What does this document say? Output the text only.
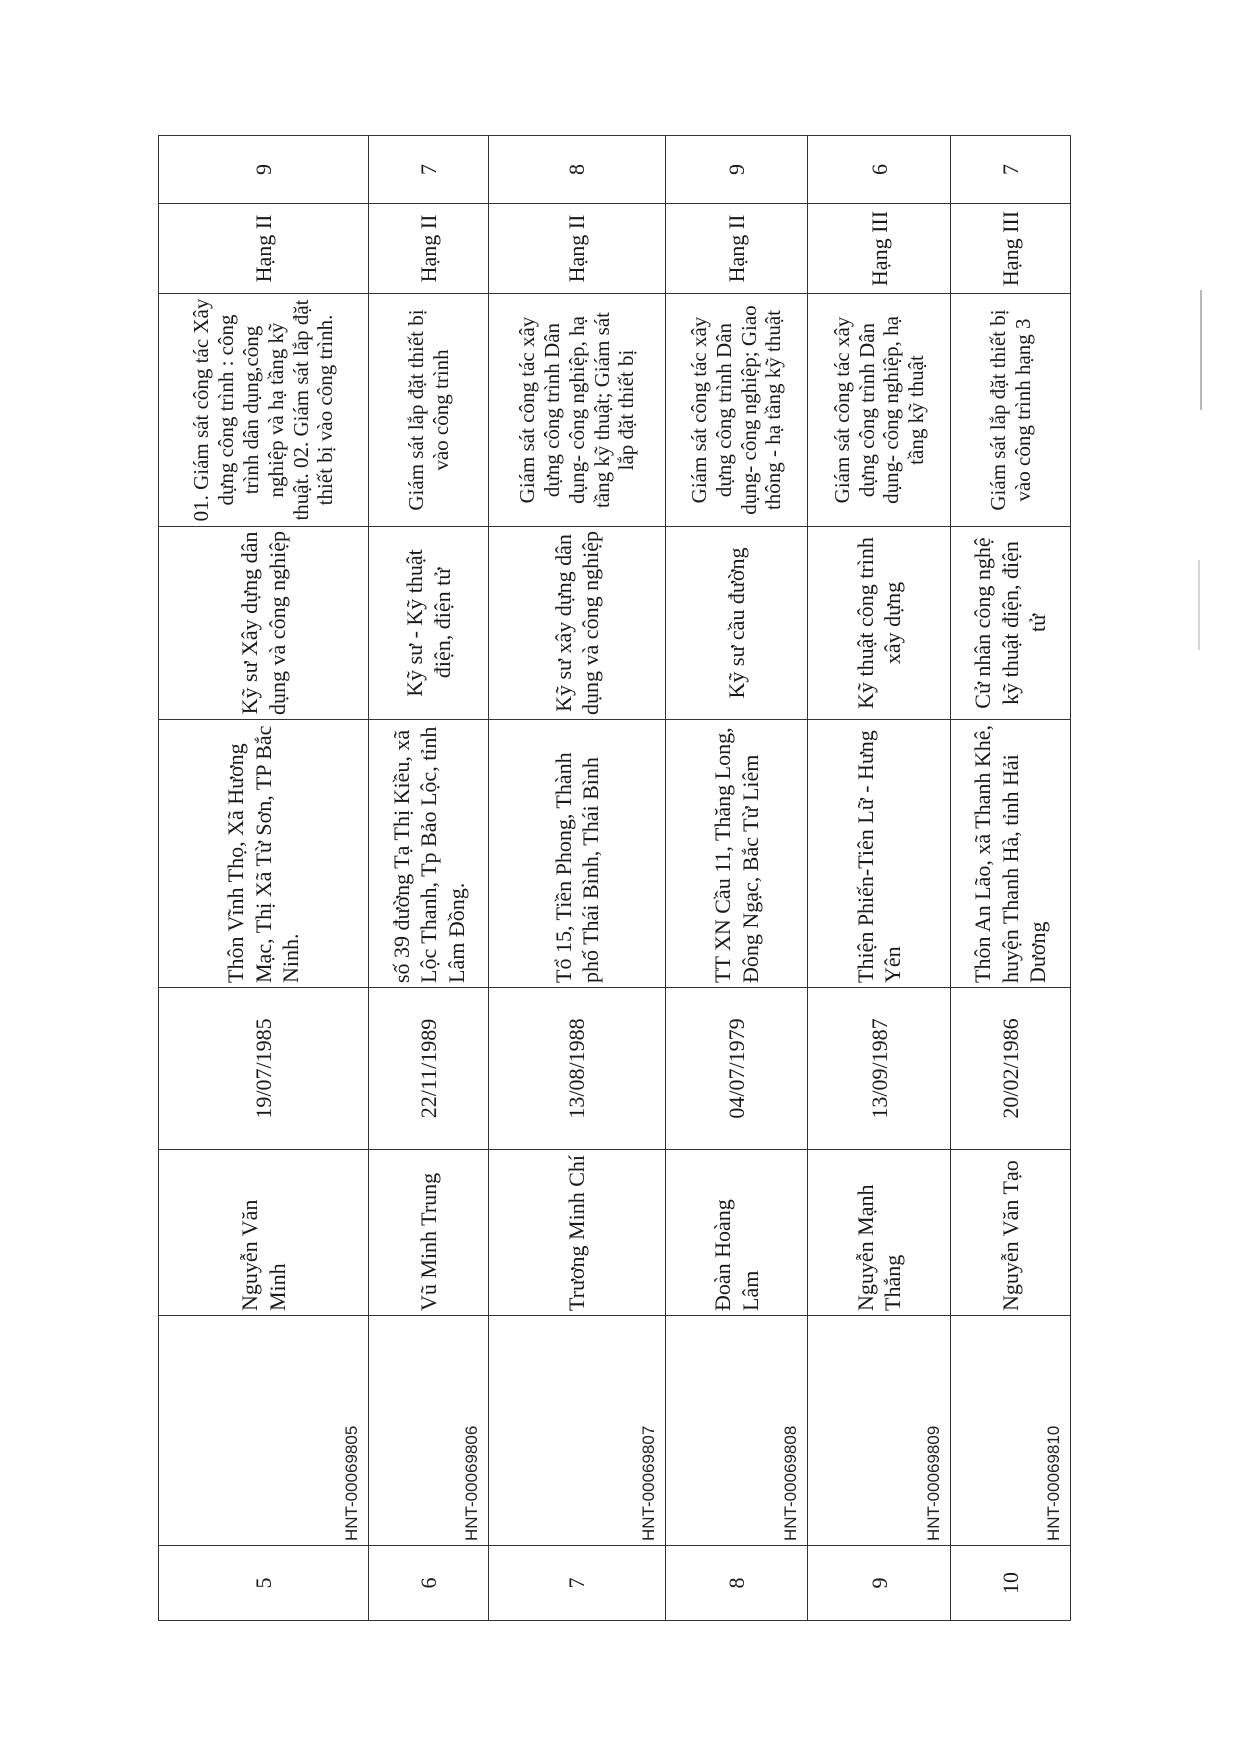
5	HNT-00069805	Nguyễn Văn Minh	19/07/1985	Thôn Vĩnh Thọ, Xã Hương Mạc, Thị Xã Từ Sơn, TP Bắc Ninh.	Kỹ sư Xây dựng dân dụng và công nghiệp	01. Giám sát công tác Xây dựng công trình : công trình dân dụng,công nghiệp và hạ tầng kỹ thuật. 02. Giám sát lắp đặt thiết bị vào công trình.	Hạng II	9
6	HNT-00069806	Vũ Minh Trung	22/11/1989	số 39 đường Tạ Thị Kiều, xã Lộc Thanh, Tp Bảo Lộc, tỉnh Lâm Đồng.	Kỹ sư - Kỹ thuật điện, điện tử	Giám sát lắp đặt thiết bị vào công trình	Hạng II	7
7	HNT-00069807	Trương Minh Chí	13/08/1988	Tổ 15, Tiền Phong, Thành phố Thái Bình, Thái Bình	Kỹ sư xây dựng dân dụng và công nghiệp	Giám sát công tác xây dựng công trình Dân dụng- công nghiệp, hạ tầng kỹ thuật; Giám sát lắp đặt thiết bị	Hạng II	8
8	HNT-00069808	Đoàn Hoàng Lâm	04/07/1979	TT XN Cầu 11, Thăng Long, Đông Ngạc, Bắc Từ Liêm	Kỹ sư cầu đường	Giám sát công tác xây dựng công trình Dân dụng- công nghiệp; Giao thông - hạ tầng kỹ thuật	Hạng II	9
9	HNT-00069809	Nguyễn Mạnh Thắng	13/09/1987	Thiện Phiến-Tiên Lữ - Hưng Yên	Kỹ thuật công trình xây dựng	Giám sát công tác xây dựng công trình Dân dụng- công nghiệp, hạ tầng kỹ thuật	Hạng III	6
10	HNT-00069810	Nguyễn Văn Tạo	20/02/1986	Thôn An Lão, xã Thanh Khê, huyện Thanh Hà, tỉnh Hải Dương	Cử nhân công nghệ kỹ thuật điện, điện tử	Giám sát lắp đặt thiết bị vào công trình hạng 3	Hạng III	7
